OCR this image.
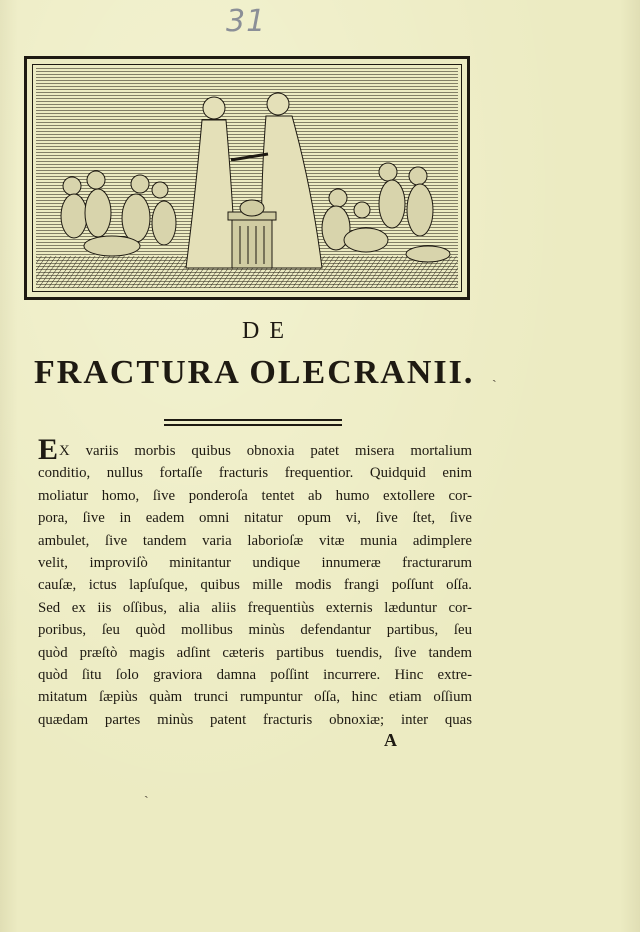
31
DE
FRACTURA OLECRANII.
EX variis morbis quibus obnoxia patet misera mortalium
conditio, nullus fortaſſe fracturis frequentior. Quidquid enim
moliatur homo, ſive ponderoſa tentet ab humo extollere cor-
pora, ſive in eadem omni nitatur opum vi, ſive ſtet, ſive
ambulet, ſive tandem varia laborioſæ vitæ munia adimplere
velit, improviſò minitantur undique innumeræ fracturarum
cauſæ, ictus lapſuſque, quibus mille modis frangi poſſunt oſſa.
Sed ex iis oſſibus, alia aliis frequentiùs externis læduntur cor-
poribus, ſeu quòd mollibus minùs defendantur partibus, ſeu
quòd præſtò magis adſint cæteris partibus tuendis, ſive tandem
quòd ſitu ſolo graviora damna poſſint incurrere. Hinc extre-
mitatum ſæpiùs quàm trunci rumpuntur oſſa, hinc etiam oſſium
quædam partes minùs patent fracturis obnoxiæ; inter quas
A
ˏ
ˏ
